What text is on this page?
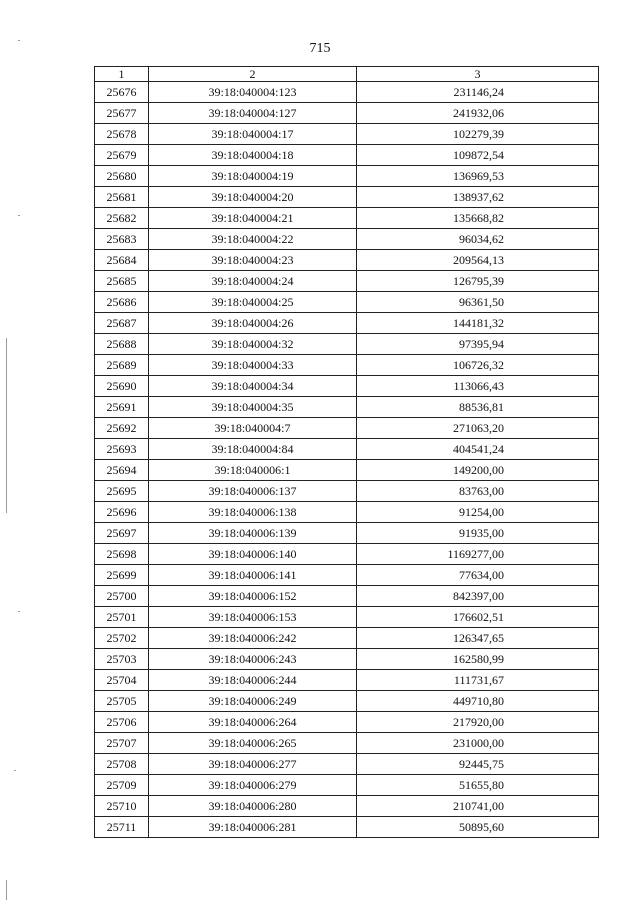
715
1	2	3
25676	39:18:040004:123	231146,24
25677	39:18:040004:127	241932,06
25678	39:18:040004:17	102279,39
25679	39:18:040004:18	109872,54
25680	39:18:040004:19	136969,53
25681	39:18:040004:20	138937,62
25682	39:18:040004:21	135668,82
25683	39:18:040004:22	96034,62
25684	39:18:040004:23	209564,13
25685	39:18:040004:24	126795,39
25686	39:18:040004:25	96361,50
25687	39:18:040004:26	144181,32
25688	39:18:040004:32	97395,94
25689	39:18:040004:33	106726,32
25690	39:18:040004:34	113066,43
25691	39:18:040004:35	88536,81
25692	39:18:040004:7	271063,20
25693	39:18:040004:84	404541,24
25694	39:18:040006:1	149200,00
25695	39:18:040006:137	83763,00
25696	39:18:040006:138	91254,00
25697	39:18:040006:139	91935,00
25698	39:18:040006:140	1169277,00
25699	39:18:040006:141	77634,00
25700	39:18:040006:152	842397,00
25701	39:18:040006:153	176602,51
25702	39:18:040006:242	126347,65
25703	39:18:040006:243	162580,99
25704	39:18:040006:244	111731,67
25705	39:18:040006:249	449710,80
25706	39:18:040006:264	217920,00
25707	39:18:040006:265	231000,00
25708	39:18:040006:277	92445,75
25709	39:18:040006:279	51655,80
25710	39:18:040006:280	210741,00
25711	39:18:040006:281	50895,60
